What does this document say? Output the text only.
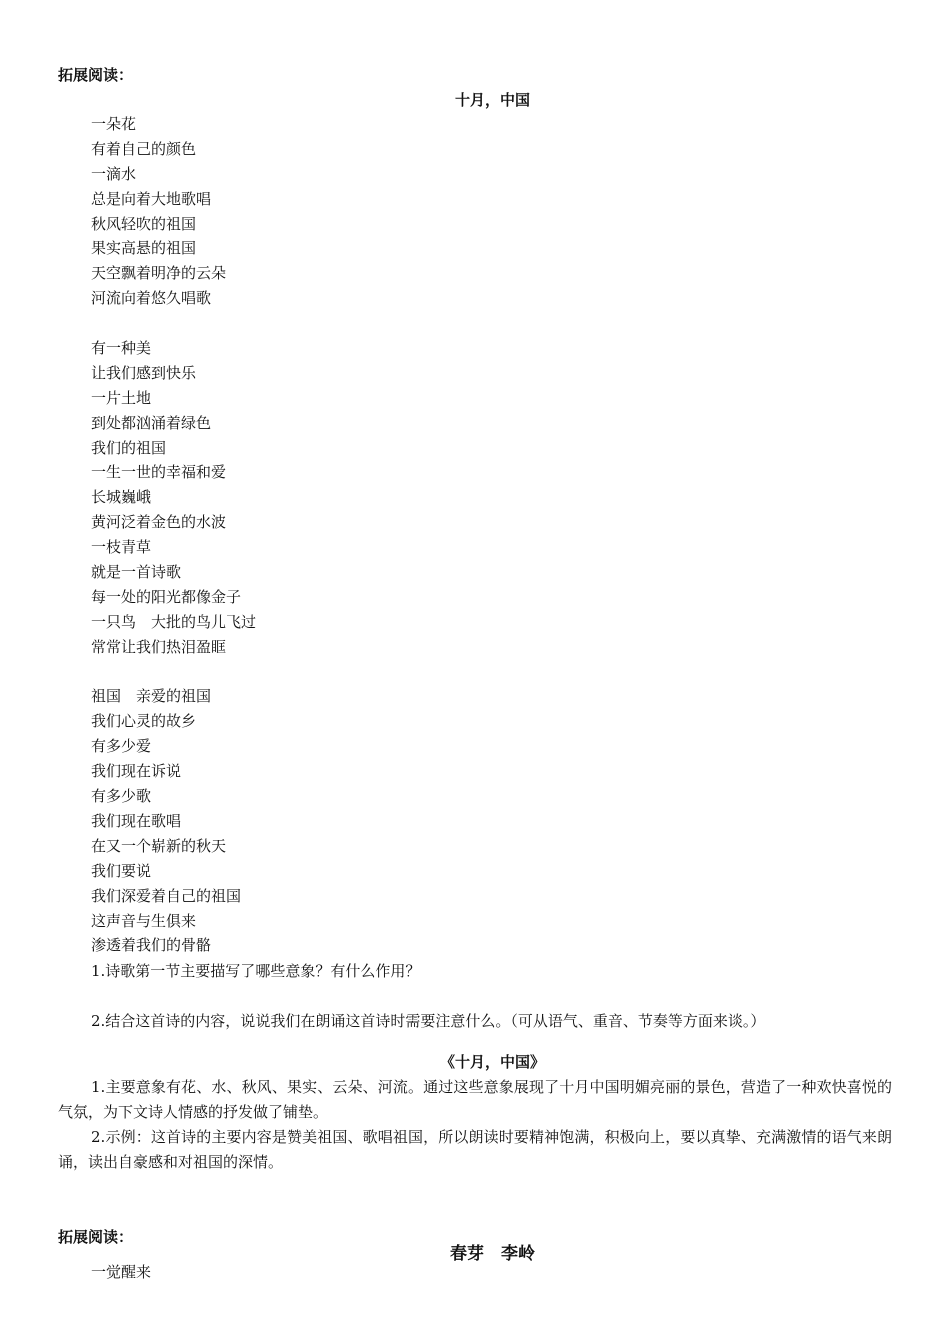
拓展阅读：
十月，中国
一朵花
有着自己的颜色
一滴水
总是向着大地歌唱
秋风轻吹的祖国
果实高悬的祖国
天空飘着明净的云朵
河流向着悠久唱歌
有一种美
让我们感到快乐
一片土地
到处都汹涌着绿色
我们的祖国
一生一世的幸福和爱
长城巍峨
黄河泛着金色的水波
一枝青草
就是一首诗歌
每一处的阳光都像金子
一只鸟　大批的鸟儿飞过
常常让我们热泪盈眶
祖国　亲爱的祖国
我们心灵的故乡
有多少爱
我们现在诉说
有多少歌
我们现在歌唱
在又一个崭新的秋天
我们要说
我们深爱着自己的祖国
这声音与生俱来
渗透着我们的骨骼
1.诗歌第一节主要描写了哪些意象？有什么作用？
2.结合这首诗的内容，说说我们在朗诵这首诗时需要注意什么。（可从语气、重音、节奏等方面来谈。）
《十月，中国》
1.主要意象有花、水、秋风、果实、云朵、河流。通过这些意象展现了十月中国明媚亮丽的景色，营造了一种欢快喜悦的气氛，为下文诗人情感的抒发做了铺垫。
2.示例：这首诗的主要内容是赞美祖国、歌唱祖国，所以朗读时要精神饱满，积极向上，要以真挚、充满激情的语气来朗诵，读出自豪感和对祖国的深情。
拓展阅读：
春芽　李岭
一觉醒来
